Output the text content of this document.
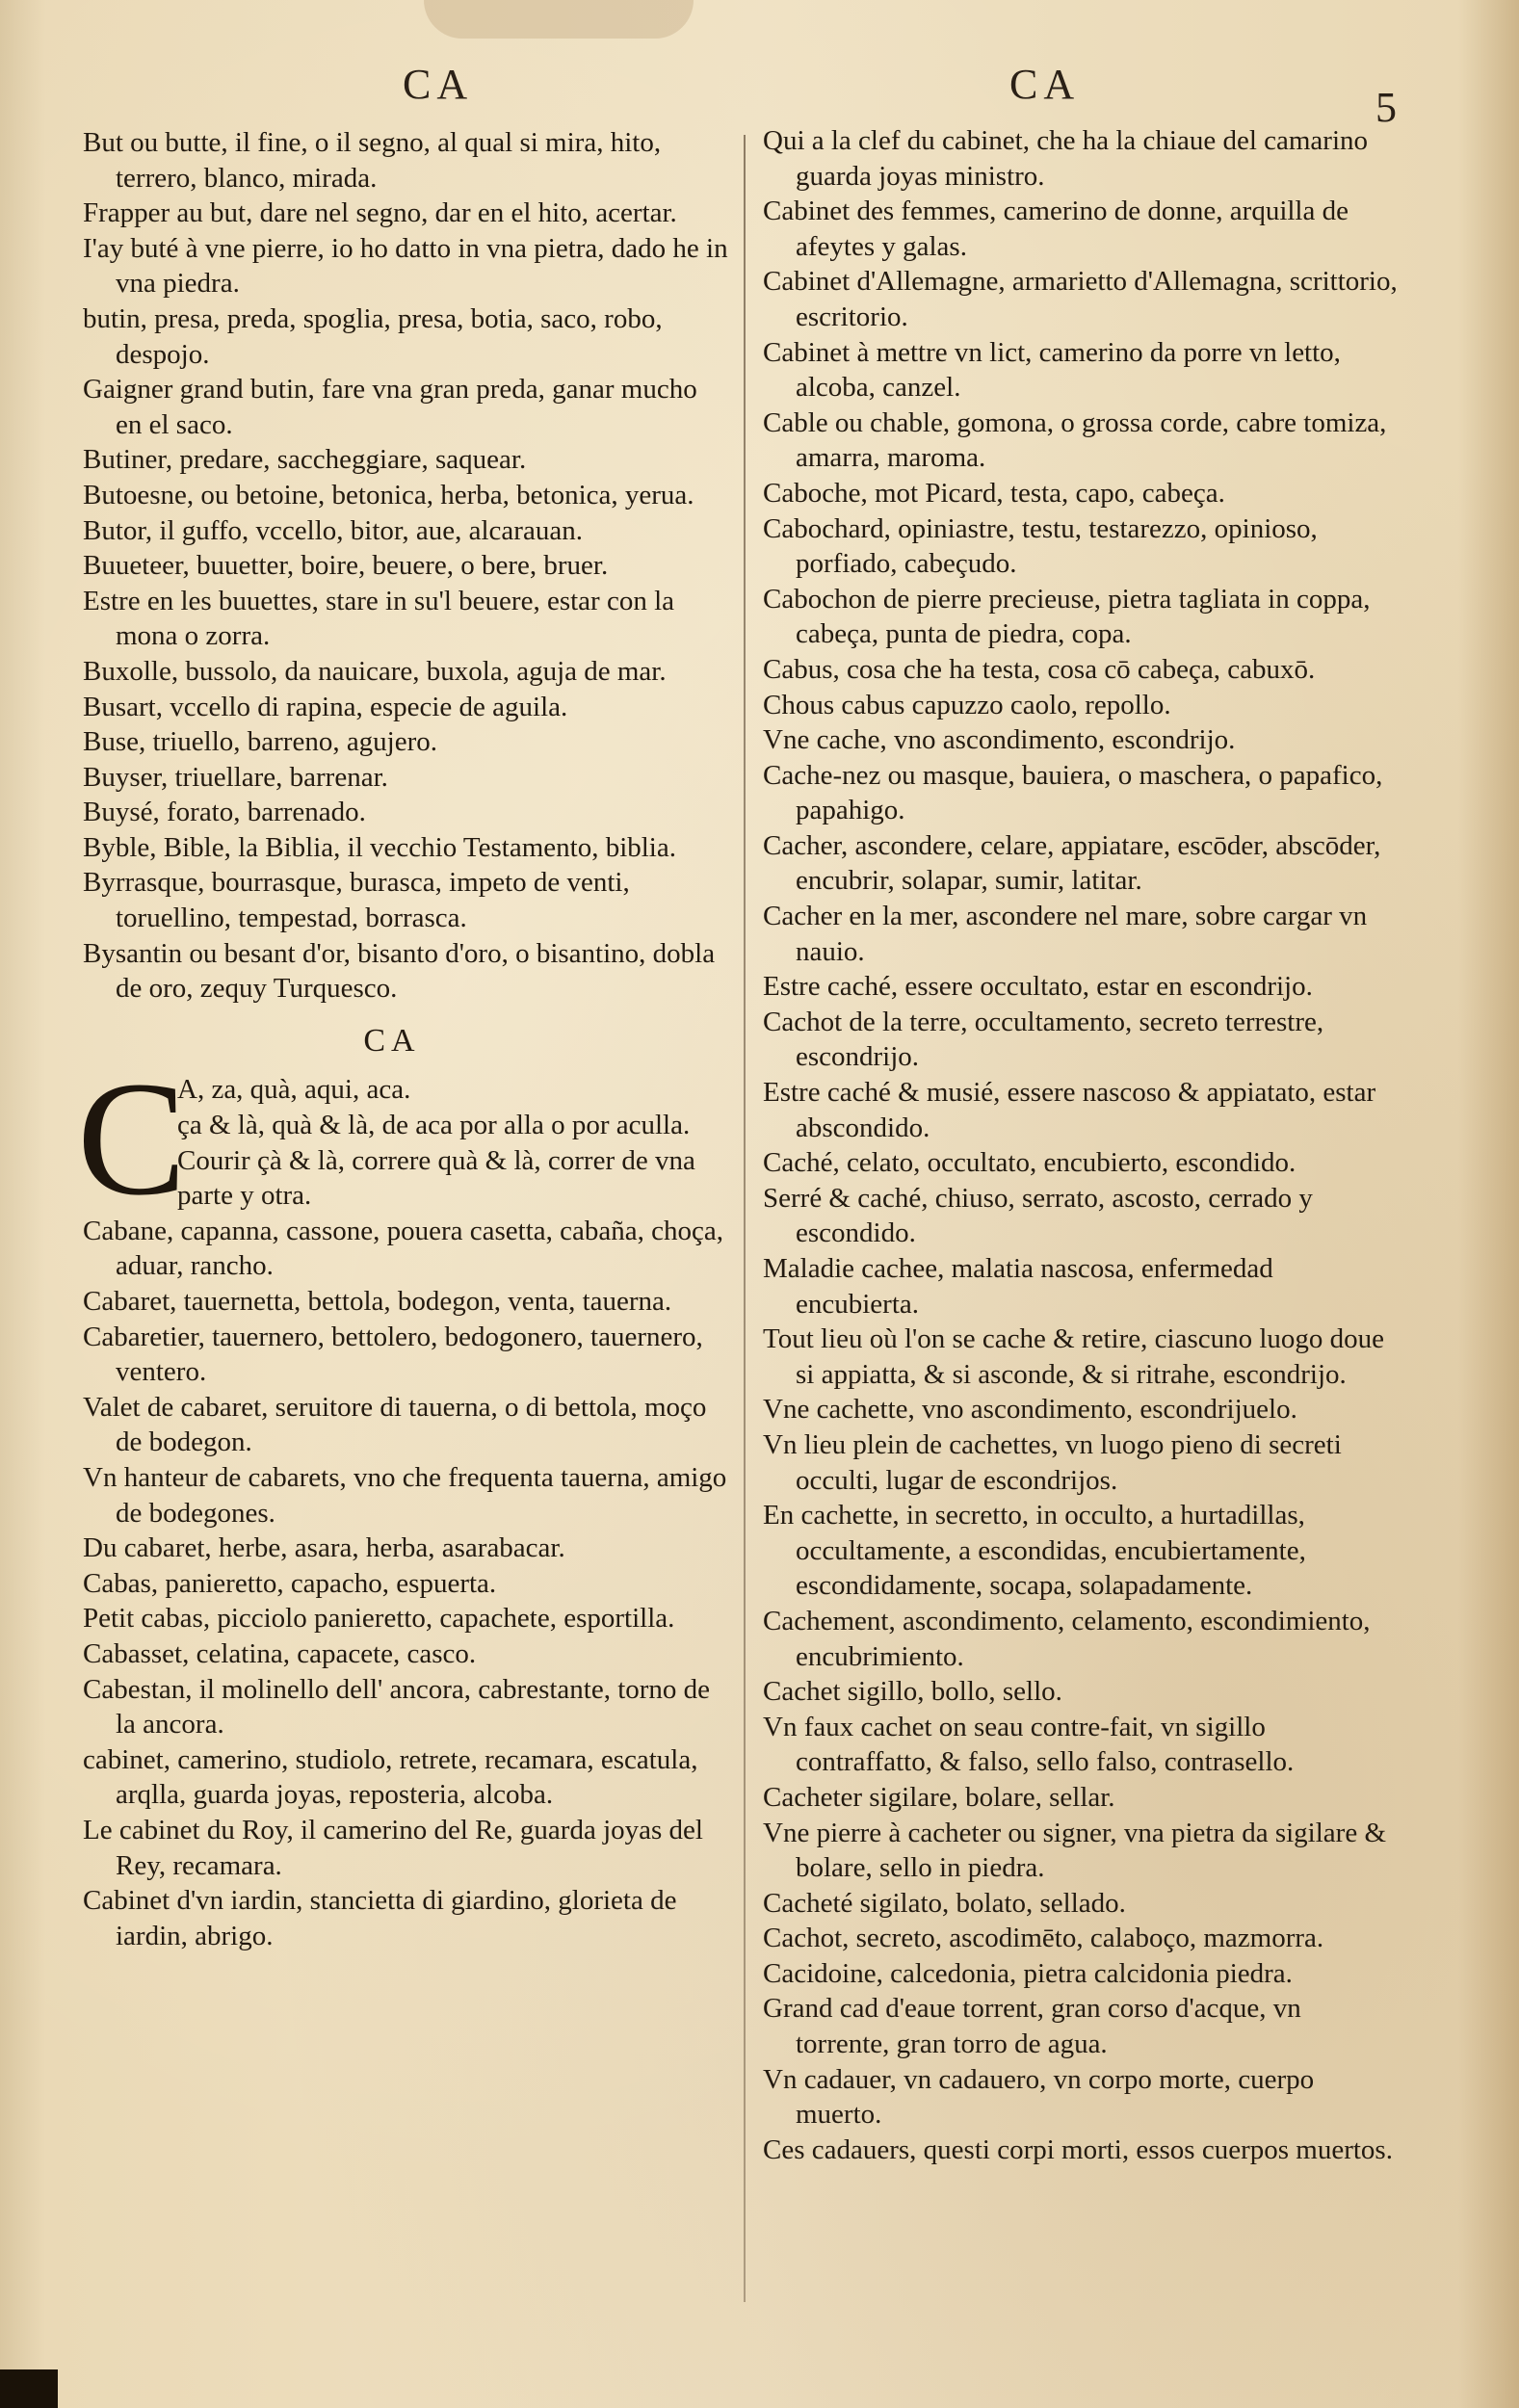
CA	CA	5

But ou butte, il fine, o il segno, al qual si mira, hito, terrero, blanco, mirada.

Frapper au but, dare nel segno, dar en el hito, acertar.

I'ay buté à vne pierre, io ho datto in vna pietra, dado he in vna piedra.

butin, presa, preda, spoglia, presa, botia, saco, robo, despojo.

Gaigner grand butin, fare vna gran preda, ganar mucho en el saco.

Butiner, predare, saccheggiare, saquear.

Butoesne, ou betoine, betonica, herba, betonica, yerua.

Butor, il guffo, vccello, bitor, aue, alcarauan.

Buueteer, buuetter, boire, beuere, o bere, bruer.

Estre en les buuettes, stare in su'l beuere, estar con la mona o zorra.

Buxolle, bussolo, da nauicare, buxola, aguja de mar.

Busart, vccello di rapina, especie de aguila.

Buse, triuello, barreno, agujero.

Buyser, triuellare, barrenar.

Buysé, forato, barrenado.

Byble, Bible, la Biblia, il vecchio Testamento, biblia.

Byrrasque, bourrasque, burasca, impeto de venti, toruellino, tempestad, borrasca.

Bysantin ou besant d'or, bisanto d'oro, o bisantino, dobla de oro, zequy Turquesco.

CA
C

A, za, quà, aqui, aca.

ça & là, quà & là, de aca por alla o por aculla.

Courir çà & là, correre quà & là, correr de vna parte y otra.

Cabane, capanna, cassone, pouera casetta, cabaña, choça, aduar, rancho.

Cabaret, tauernetta, bettola, bodegon, venta, tauerna.

Cabaretier, tauernero, bettolero, bedogonero, tauernero, ventero.

Valet de cabaret, seruitore di tauerna, o di bettola, moço de bodegon.

Vn hanteur de cabarets, vno che frequenta tauerna, amigo de bodegones.

Du cabaret, herbe, asara, herba, asarabacar.

Cabas, panieretto, capacho, espuerta.

Petit cabas, picciolo panieretto, capachete, esportilla.

Cabasset, celatina, capacete, casco.

Cabestan, il molinello dell' ancora, cabrestante, torno de la ancora.

cabinet, camerino, studiolo, retrete, recamara, escatula, arqlla, guarda joyas, reposteria, alcoba.

Le cabinet du Roy, il camerino del Re, guarda joyas del Rey, recamara.

Cabinet d'vn iardin, stancietta di giardino, glorieta de iardin, abrigo.

Qui a la clef du cabinet, che ha la chiaue del camarino guarda joyas ministro.

Cabinet des femmes, camerino de donne, arquilla de afeytes y galas.

Cabinet d'Allemagne, armarietto d'Allemagna, scrittorio, escritorio.

Cabinet à mettre vn lict, camerino da porre vn letto, alcoba, canzel.

Cable ou chable, gomona, o grossa corde, cabre tomiza, amarra, maroma.

Caboche, mot Picard, testa, capo, cabeça.

Cabochard, opiniastre, testu, testarezzo, opinioso, porfiado, cabeçudo.

Cabochon de pierre precieuse, pietra tagliata in coppa, cabeça, punta de piedra, copa.

Cabus, cosa che ha testa, cosa cō cabeça, cabuxō.

Chous cabus capuzzo caolo, repollo.

Vne cache, vno ascondimento, escondrijo.

Cache-nez ou masque, bauiera, o maschera, o papafico, papahigo.

Cacher, ascondere, celare, appiatare, escōder, abscōder, encubrir, solapar, sumir, latitar.

Cacher en la mer, ascondere nel mare, sobre cargar vn nauio.

Estre caché, essere occultato, estar en escondrijo.

Cachot de la terre, occultamento, secreto terrestre, escondrijo.

Estre caché & musié, essere nascoso & appiatato, estar abscondido.

Caché, celato, occultato, encubierto, escondido.

Serré & caché, chiuso, serrato, ascosto, cerrado y escondido.

Maladie cachee, malatia nascosa, enfermedad encubierta.

Tout lieu où l'on se cache & retire, ciascuno luogo doue si appiatta, & si asconde, & si ritrahe, escondrijo.

Vne cachette, vno ascondimento, escondrijuelo.

Vn lieu plein de cachettes, vn luogo pieno di secreti occulti, lugar de escondrijos.

En cachette, in secretto, in occulto, a hurtadillas, occultamente, a escondidas, encubiertamente, escondidamente, socapa, solapadamente.

Cachement, ascondimento, celamento, escondimiento, encubrimiento.

Cachet sigillo, bollo, sello.

Vn faux cachet on seau contre-fait, vn sigillo contraffatto, & falso, sello falso, contrasello.

Cacheter sigilare, bolare, sellar.

Vne pierre à cacheter ou signer, vna pietra da sigilare & bolare, sello in piedra.

Cacheté sigilato, bolato, sellado.

Cachot, secreto, ascodimēto, calaboço, mazmorra.

Cacidoine, calcedonia, pietra calcidonia piedra.

Grand cad d'eaue torrent, gran corso d'acque, vn torrente, gran torro de agua.

Vn cadauer, vn cadauero, vn corpo morte, cuerpo muerto.

Ces cadauers, questi corpi morti, essos cuerpos muertos.
